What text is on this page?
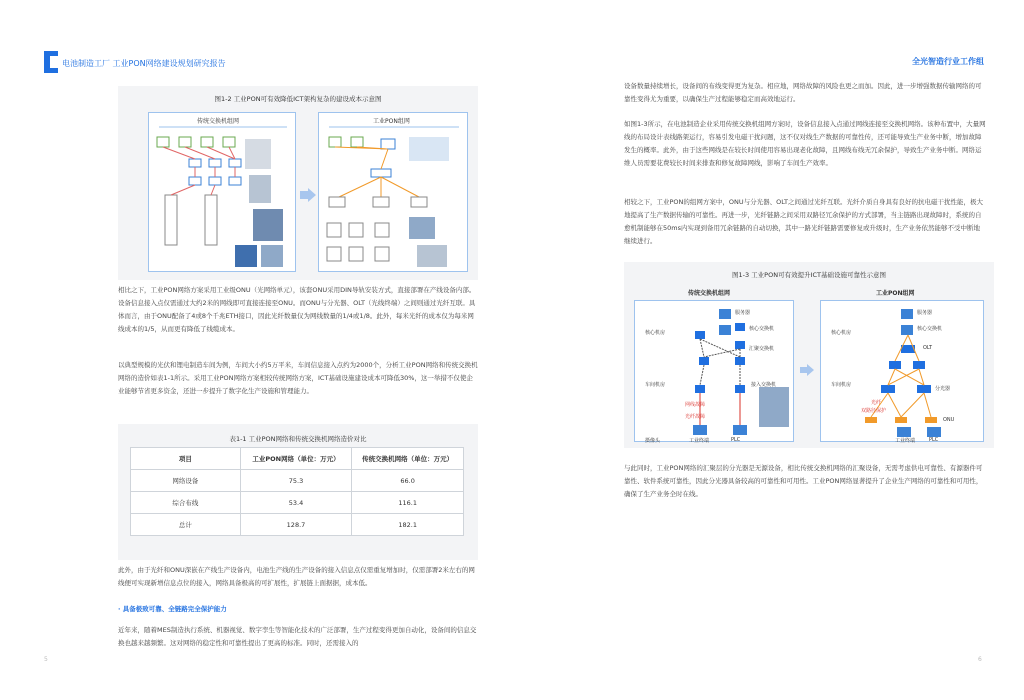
电池制造工厂 工业PON网络建设规划研究报告
图1-2 工业PON可有效降低ICT架构复杂的建设成本示意图
传统交换机组网	工业PON组网
相比之下，工业PON网络方案采用工业级ONU（光网络单元），该套ONU采用DIN导轨安装方式，直接部署在产线设备内部。设备信息接入点仅需通过大约2米的网线即可直接连接至ONU。而ONU与分光器、OLT（光线终端）之间则通过光纤互联。具体而言，由于ONU配备了4或8个千兆ETH接口，因此光纤数量仅为网线数量的1/4或1/8。此外，每米光纤的成本仅为每米网线成本的1/5，从而更有降低了线缆成本。
以典型规模的光伏和锂电制造车间为例，车间大小约5万平米，车间信息接入点约为2000个，分析工业PON网络和传统交换机网络的造价如表1-1所示。采用工业PON网络方案相较传统网络方案，ICT基础设施建设成本可降低30%，这一举措不仅使企业能够节省更多资金，还进一步提升了数字化生产设施和管理能力。
表1-1 工业PON网络和传统交换机网络造价对比
项目	工业PON网络（单位：万元）	传统交换机网络（单位：万元）
网络设备	75.3	66.0
综合布线	53.4	116.1
总计	128.7	182.1
此外，由于光纤和ONU深嵌在产线生产设备内，电池生产线的生产设备的接入信息点仅需重复增加时，仅需部署2米左右的网线便可实现新增信息点位的接入，网络具备极高的可扩展性，扩展链上面据据，成本低。
· 具备极致可靠、全链路完全保护能力
近年来，随着MES制造执行系统、机器视觉、数字孪生等智能化技术的广泛部署，生产过程变得更加自动化，设备间的信息交换也越来越频繁。这对网络的稳定性和可靠性提出了更高的标准。同时，还需接入的
5
全光智造行业工作组
设备数量持续增长，设备间的布线变得更为复杂。相应地，网络故障的风险也更之而加。因此，进一步增强数据传输网络的可靠性变得尤为重要，以确保生产过程能够稳定而高效地运行。
如图1-3所示，在电池制造企业采用传统交换机组网方案时，设备信息接入点通过网线连接至交换机网络。该种布置中，大量网线的布局设计表线路架运行，容易引发电磁干扰问题，这不仅对线生产数据的可靠性传，还可能导致生产业务中断，增加故障发生的概率。此外，由于这些网线是在较长时间使用容易出现老化故障，且网线布线无冗余保护，导致生产业务中断。网络运维人员需要花费较长时间来排查和修复故障网线，影响了车间生产效率。
相较之下，工业PON的组网方案中，ONU与分光器、OLT之间通过光纤互联。光纤介质自身具有良好的抗电磁干扰性能，极大地提高了生产数据传输的可靠性。再进一步，光纤链路之间采用双路径冗余保护的方式部署，当主链路出现故障时，系统的自愈机制能够在50ms内实现到备用冗余链路的自动切换，其中一路光纤链路需要修复或升级时，生产业务依然能够不受中断地继续进行。
图1-3 工业PON可有效提升ICT基础设施可靠性示意图
传统交换机组网	工业PON组网
服务器
核心交换机
核心机房
汇聚交换机
车间机房	接入交换机
PLC
工业终端
摄像头
网线故障
光纤故障
服务器
核心交换机
核心机房
OLT
车间机房
分光器
ONU
PLC
工业终端
光纤
双路径保护
与此同时，工业PON网络的汇聚层的分光器是无源设备，相比传统交换机网络的汇聚设备，无需考虑供电可靠性、有源器件可靠性、软件系统可靠性，因此分光器具备较高的可靠性和可用性。工业PON网络显著提升了企业生产网络的可靠性和可用性，确保了生产业务全时在线。
6
